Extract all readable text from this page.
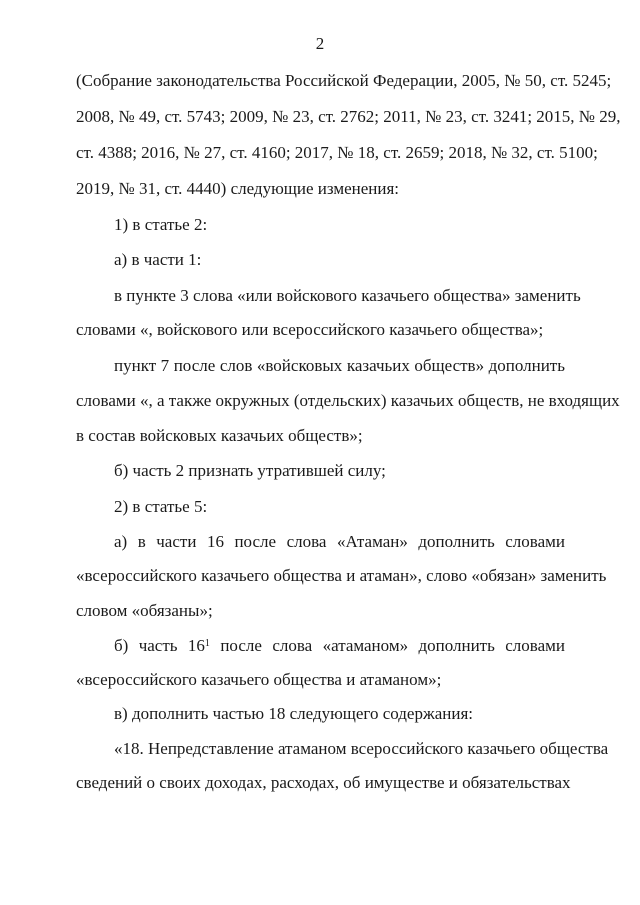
2
(Собрание законодательства Российской Федерации, 2005, № 50, ст. 5245;
2008, № 49, ст. 5743; 2009, № 23, ст. 2762; 2011, № 23, ст. 3241; 2015, № 29,
ст. 4388; 2016, № 27, ст. 4160; 2017, № 18, ст. 2659; 2018, № 32, ст. 5100;
2019, № 31, ст. 4440) следующие изменения:
1) в статье 2:
а) в части 1:
в пункте 3 слова «или войскового казачьего общества» заменить
словами «, войскового или всероссийского казачьего общества»;
пункт 7 после слов «войсковых казачьих обществ» дополнить
словами «, а также окружных (отдельских) казачьих обществ, не входящих
в состав войсковых казачьих обществ»;
б) часть 2 признать утратившей силу;
2) в статье 5:
а) в части 16 после слова «Атаман» дополнить словами
«всероссийского казачьего общества и атаман», слово «обязан» заменить
словом «обязаны»;
б) часть $16^1$ после слова «атаманом» дополнить словами
«всероссийского казачьего общества и атаманом»;
в) дополнить частью 18 следующего содержания:
«18. Непредставление атаманом всероссийского казачьего общества
сведений о своих доходах, расходах, об имуществе и обязательствах
